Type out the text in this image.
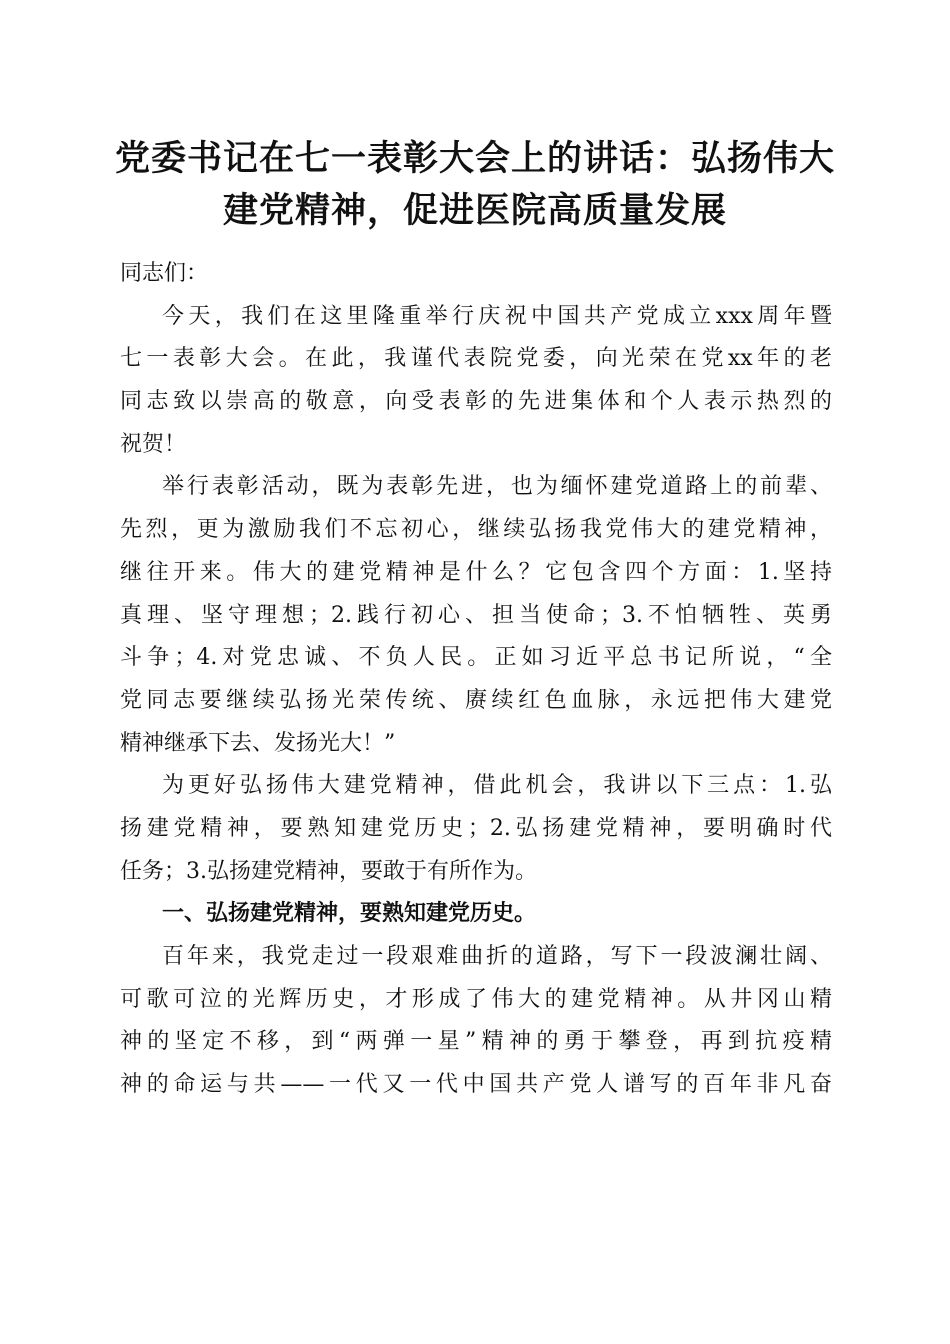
党委书记在七一表彰大会上的讲话：弘扬伟大
建党精神，促进医院高质量发展
同志们：
今天，我们在这里隆重举行庆祝中国共产党成立xxx周年暨
七一表彰大会。在此，我谨代表院党委，向光荣在党xx年的老
同志致以崇高的敬意，向受表彰的先进集体和个人表示热烈的
祝贺！
举行表彰活动，既为表彰先进，也为缅怀建党道路上的前辈、
先烈，更为激励我们不忘初心，继续弘扬我党伟大的建党精神，
继往开来。伟大的建党精神是什么？它包含四个方面：1.坚持
真理、坚守理想；2.践行初心、担当使命；3.不怕牺牲、英勇
斗争；4.对党忠诚、不负人民。正如习近平总书记所说，“全
党同志要继续弘扬光荣传统、赓续红色血脉，永远把伟大建党
精神继承下去、发扬光大！”
为更好弘扬伟大建党精神，借此机会，我讲以下三点：1.弘
扬建党精神，要熟知建党历史；2.弘扬建党精神，要明确时代
任务；3.弘扬建党精神，要敢于有所作为。
一、弘扬建党精神，要熟知建党历史。
百年来，我党走过一段艰难曲折的道路，写下一段波澜壮阔、
可歌可泣的光辉历史，才形成了伟大的建党精神。从井冈山精
神的坚定不移，到“两弹一星”精神的勇于攀登，再到抗疫精
神的命运与共——一代又一代中国共产党人谱写的百年非凡奋
